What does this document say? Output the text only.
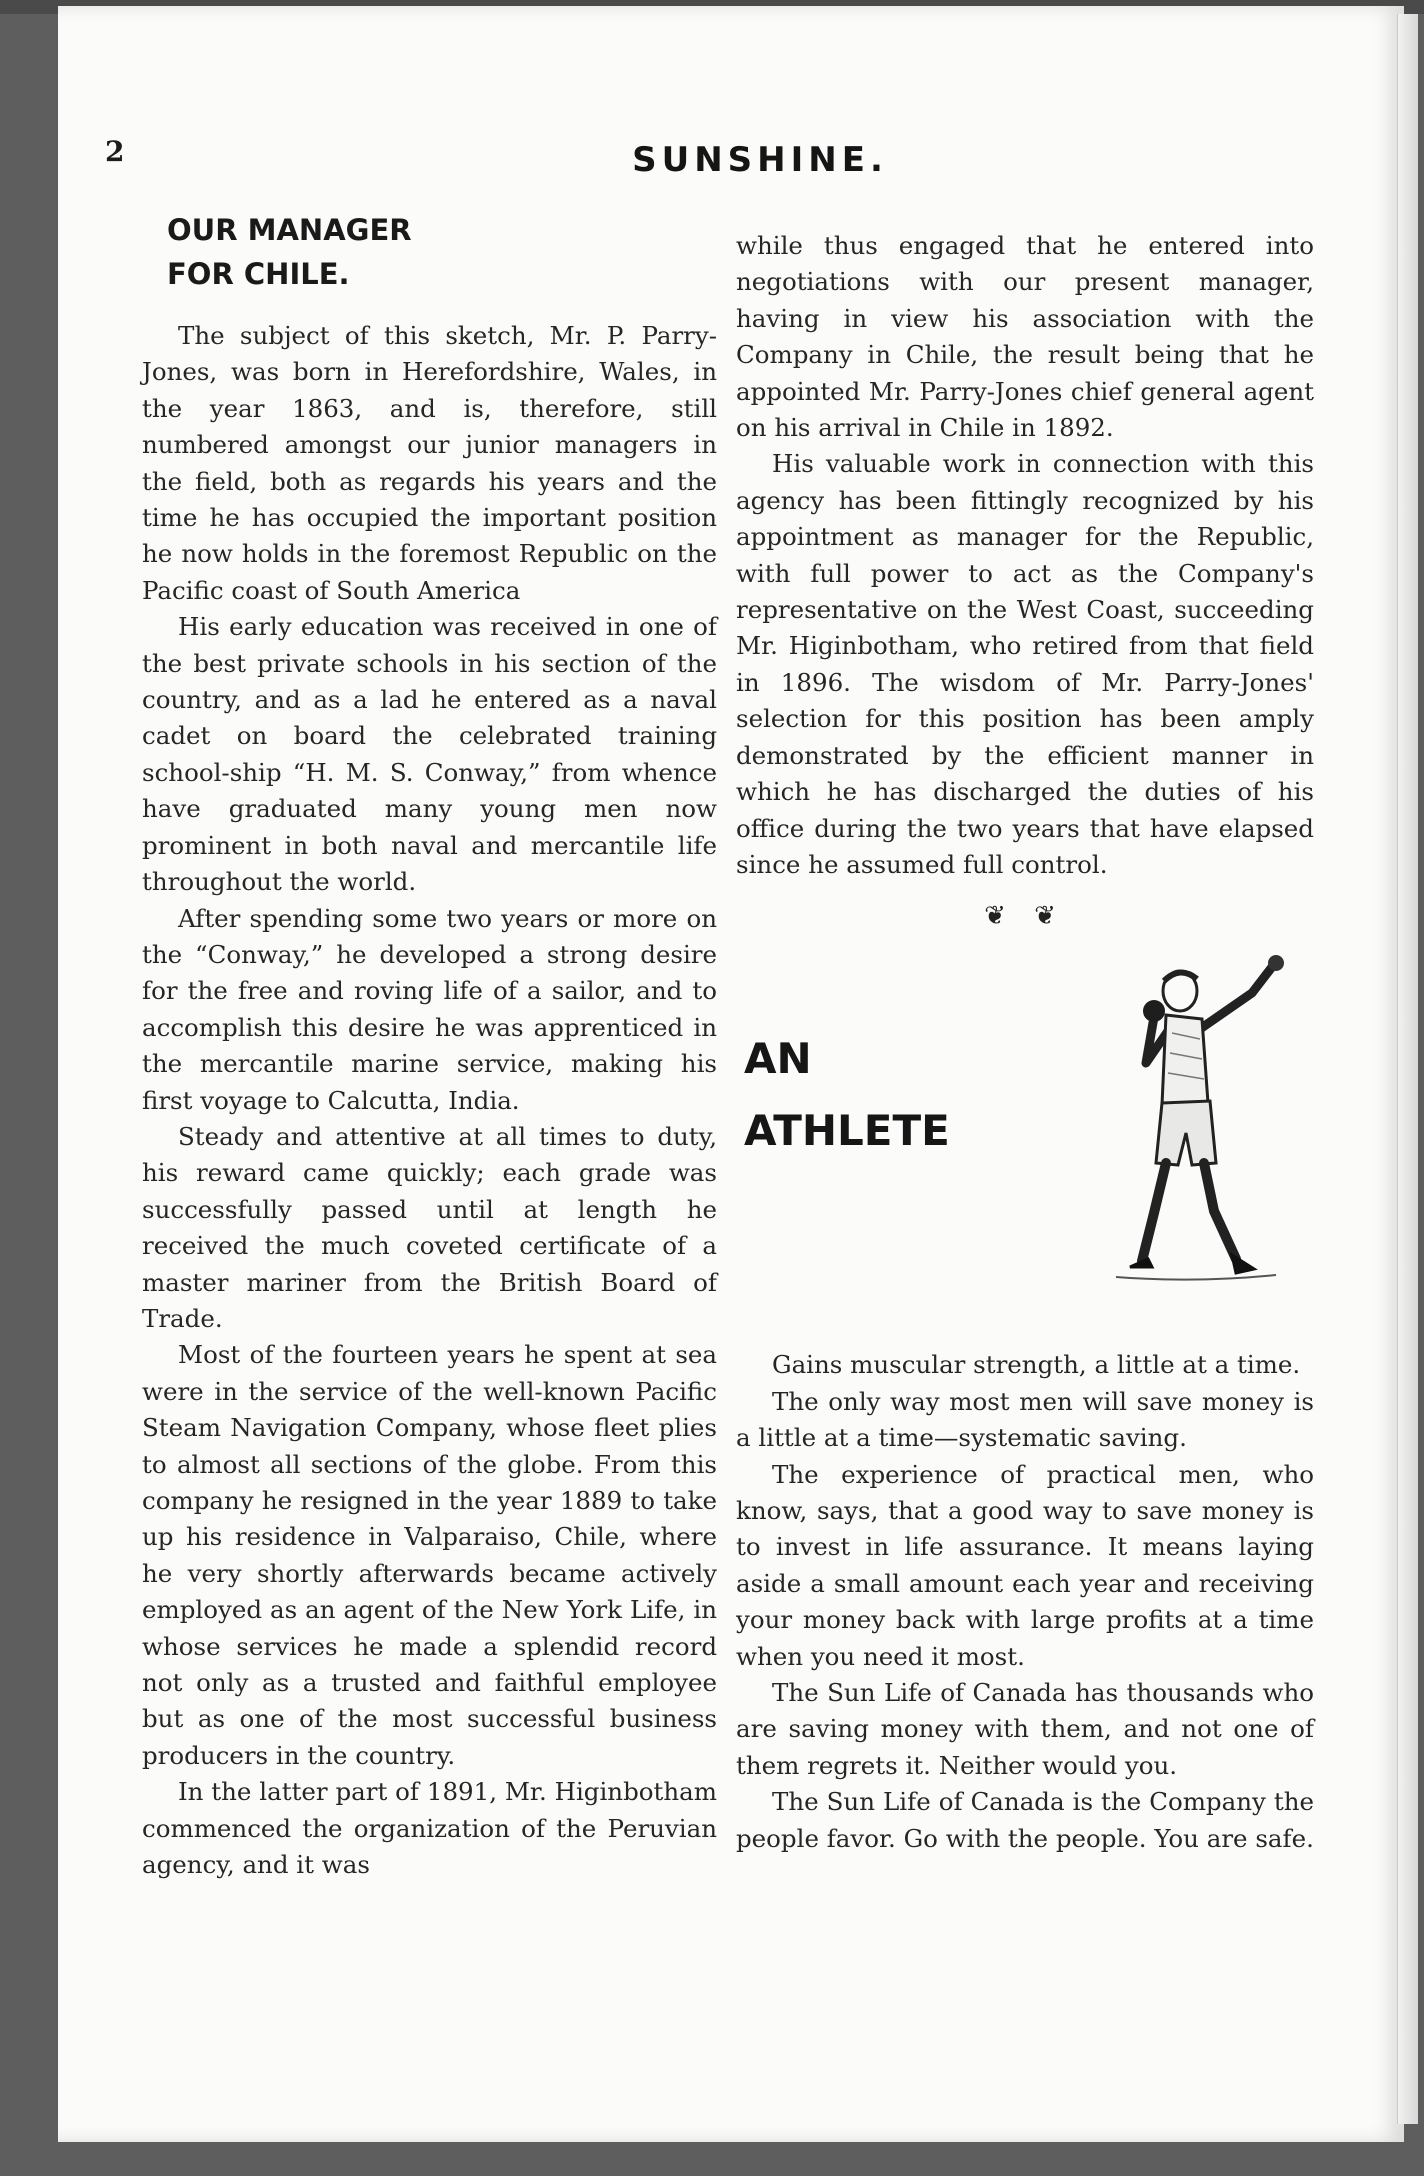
2	SUNSHINE.
OUR MANAGER
FOR CHILE.

The subject of this sketch, Mr. P. Parry-Jones, was born in Herefordshire, Wales, in the year 1863, and is, therefore, still numbered amongst our junior managers in the field, both as regards his years and the time he has occupied the important position he now holds in the foremost Republic on the Pacific coast of South America

His early education was received in one of the best private schools in his section of the country, and as a lad he entered as a naval cadet on board the celebrated training school-ship “H. M. S. Conway,” from whence have graduated many young men now prominent in both naval and mercantile life throughout the world.

After spending some two years or more on the “Conway,” he developed a strong desire for the free and roving life of a sailor, and to accomplish this desire he was apprenticed in the mercantile marine service, making his first voyage to Calcutta, India.

Steady and attentive at all times to duty, his reward came quickly; each grade was successfully passed until at length he received the much coveted certificate of a master mariner from the British Board of Trade.

Most of the fourteen years he spent at sea were in the service of the well-known Pacific Steam Navigation Company, whose fleet plies to almost all sections of the globe. From this company he resigned in the year 1889 to take up his residence in Valparaiso, Chile, where he very shortly afterwards became actively employed as an agent of the New York Life, in whose services he made a splendid record not only as a trusted and faithful employee but as one of the most successful business producers in the country.

In the latter part of 1891, Mr. Higinbotham commenced the organization of the Peruvian agency, and it was

while thus engaged that he entered into negotiations with our present manager, having in view his association with the Company in Chile, the result being that he appointed Mr. Parry-Jones chief general agent on his arrival in Chile in 1892.

His valuable work in connection with this agency has been fittingly recognized by his appointment as manager for the Republic, with full power to act as the Company's representative on the West Coast, succeeding Mr. Higinbotham, who retired from that field in 1896. The wisdom of Mr. Parry-Jones' selection for this position has been amply demonstrated by the efficient manner in which he has discharged the duties of his office during the two years that have elapsed since he assumed full control.

❦ ❦
AN
ATHLETE

Gains muscular strength, a little at a time.

The only way most men will save money is a little at a time—systematic saving.

The experience of practical men, who know, says, that a good way to save money is to invest in life assurance. It means laying aside a small amount each year and receiving your money back with large profits at a time when you need it most.

The Sun Life of Canada has thousands who are saving money with them, and not one of them regrets it. Neither would you.

The Sun Life of Canada is the Company the people favor. Go with the people. You are safe.
